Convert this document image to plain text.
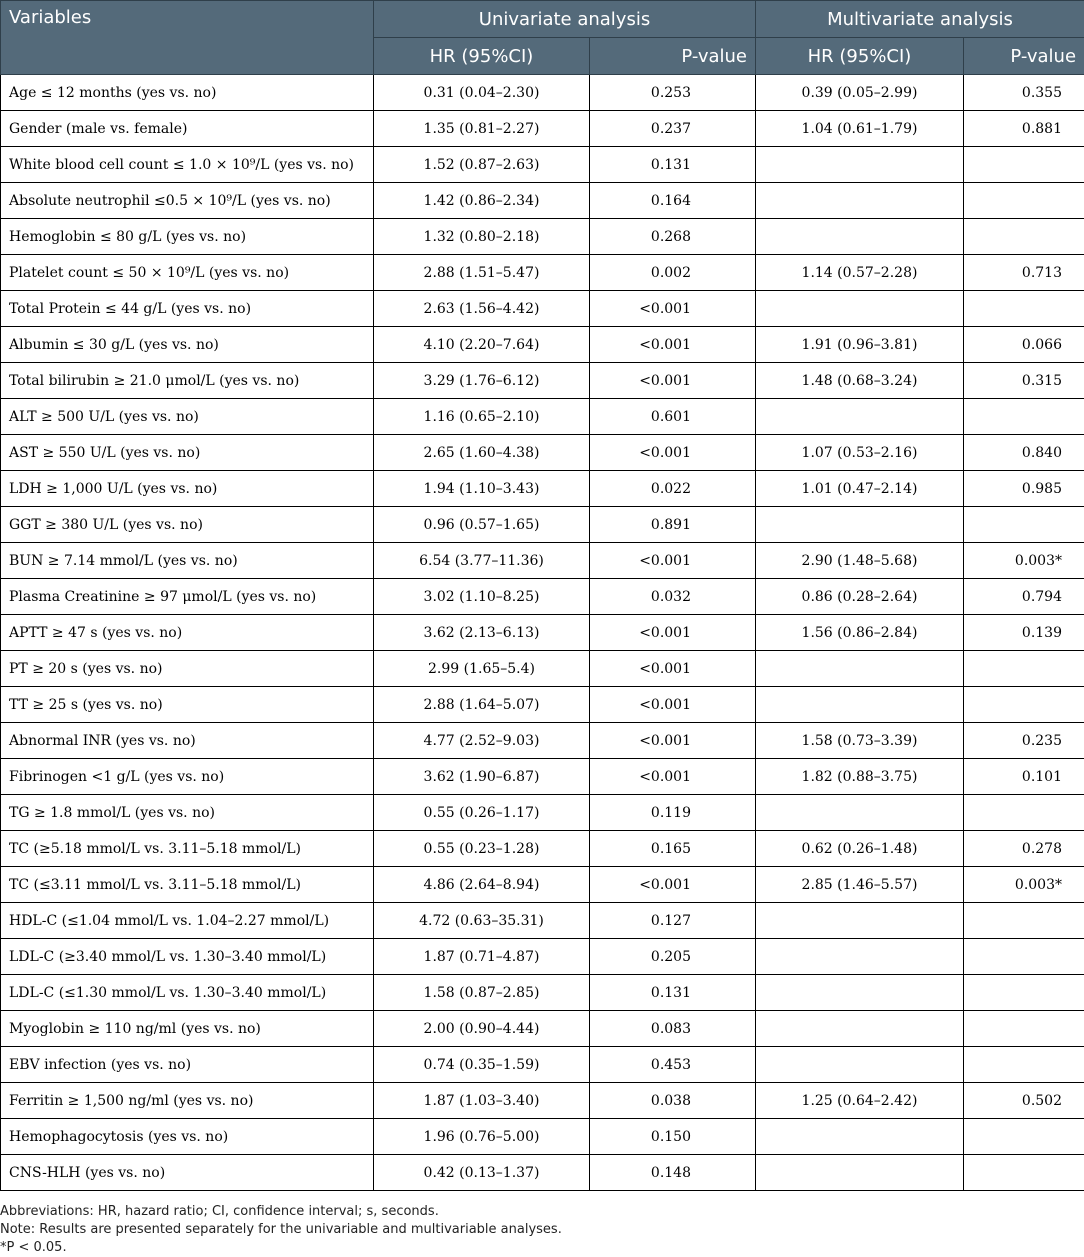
Variables	Univariate analysis		Multivariate analysis	
	HR (95%CI)	P-value	HR (95%CI)	P-value
Age ≤ 12 months (yes vs. no)	0.31 (0.04–2.30)	0.253	0.39 (0.05–2.99)	0.355
Gender (male vs. female)	1.35 (0.81–2.27)	0.237	1.04 (0.61–1.79)	0.881
White blood cell count ≤ 1.0 × 10⁹/L (yes vs. no)	1.52 (0.87–2.63)	0.131		
Absolute neutrophil ≤0.5 × 10⁹/L (yes vs. no)	1.42 (0.86–2.34)	0.164		
Hemoglobin ≤ 80 g/L (yes vs. no)	1.32 (0.80–2.18)	0.268		
Platelet count ≤ 50 × 10⁹/L (yes vs. no)	2.88 (1.51–5.47)	0.002	1.14 (0.57–2.28)	0.713
Total Protein ≤ 44 g/L (yes vs. no)	2.63 (1.56–4.42)	<0.001		
Albumin ≤ 30 g/L (yes vs. no)	4.10 (2.20–7.64)	<0.001	1.91 (0.96–3.81)	0.066
Total bilirubin ≥ 21.0 μmol/L (yes vs. no)	3.29 (1.76–6.12)	<0.001	1.48 (0.68–3.24)	0.315
ALT ≥ 500 U/L (yes vs. no)	1.16 (0.65–2.10)	0.601		
AST ≥ 550 U/L (yes vs. no)	2.65 (1.60–4.38)	<0.001	1.07 (0.53–2.16)	0.840
LDH ≥ 1,000 U/L (yes vs. no)	1.94 (1.10–3.43)	0.022	1.01 (0.47–2.14)	0.985
GGT ≥ 380 U/L (yes vs. no)	0.96 (0.57–1.65)	0.891		
BUN ≥ 7.14 mmol/L (yes vs. no)	6.54 (3.77–11.36)	<0.001	2.90 (1.48–5.68)	0.003*
Plasma Creatinine ≥ 97 μmol/L (yes vs. no)	3.02 (1.10–8.25)	0.032	0.86 (0.28–2.64)	0.794
APTT ≥ 47 s (yes vs. no)	3.62 (2.13–6.13)	<0.001	1.56 (0.86–2.84)	0.139
PT ≥ 20 s (yes vs. no)	2.99 (1.65–5.4)	<0.001		
TT ≥ 25 s (yes vs. no)	2.88 (1.64–5.07)	<0.001		
Abnormal INR (yes vs. no)	4.77 (2.52–9.03)	<0.001	1.58 (0.73–3.39)	0.235
Fibrinogen <1 g/L (yes vs. no)	3.62 (1.90–6.87)	<0.001	1.82 (0.88–3.75)	0.101
TG ≥ 1.8 mmol/L (yes vs. no)	0.55 (0.26–1.17)	0.119		
TC (≥5.18 mmol/L vs. 3.11–5.18 mmol/L)	0.55 (0.23–1.28)	0.165	0.62 (0.26–1.48)	0.278
TC (≤3.11 mmol/L vs. 3.11–5.18 mmol/L)	4.86 (2.64–8.94)	<0.001	2.85 (1.46–5.57)	0.003*
HDL-C (≤1.04 mmol/L vs. 1.04–2.27 mmol/L)	4.72 (0.63–35.31)	0.127		
LDL-C (≥3.40 mmol/L vs. 1.30–3.40 mmol/L)	1.87 (0.71–4.87)	0.205		
LDL-C (≤1.30 mmol/L vs. 1.30–3.40 mmol/L)	1.58 (0.87–2.85)	0.131		
Myoglobin ≥ 110 ng/ml (yes vs. no)	2.00 (0.90–4.44)	0.083		
EBV infection (yes vs. no)	0.74 (0.35–1.59)	0.453		
Ferritin ≥ 1,500 ng/ml (yes vs. no)	1.87 (1.03–3.40)	0.038	1.25 (0.64–2.42)	0.502
Hemophagocytosis (yes vs. no)	1.96 (0.76–5.00)	0.150		
CNS-HLH (yes vs. no)	0.42 (0.13–1.37)	0.148		
Abbreviations: HR, hazard ratio; CI, confidence interval; s, seconds.
Note: Results are presented separately for the univariable and multivariable analyses.
*P < 0.05.
